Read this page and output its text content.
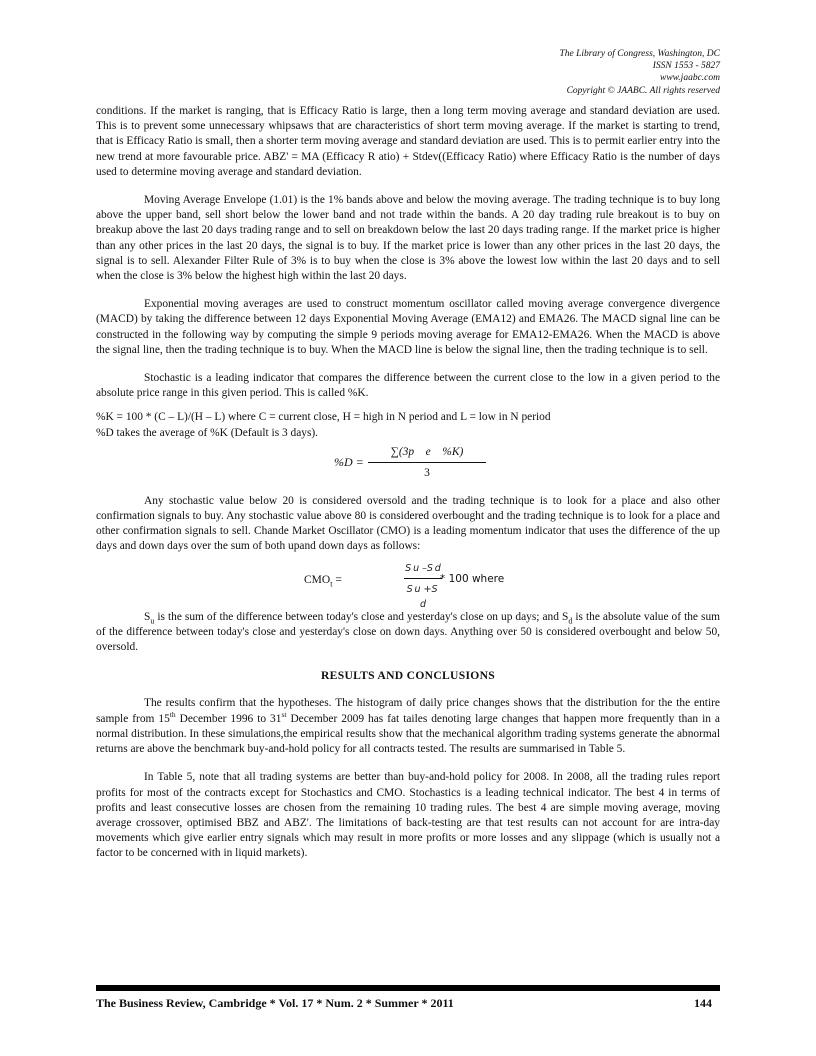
The Library of Congress, Washington, DC
ISSN 1553 - 5827
www.jaabc.com
Copyright © JAABC. All rights reserved

conditions. If the market is ranging, that is Efficacy Ratio is large, then a long term moving average and standard deviation are used. This is to prevent some unnecessary whipsaws that are characteristics of short term moving average. If the market is starting to trend, that is Efficacy Ratio is small, then a shorter term moving average and standard deviation are used. This is to permit earlier entry into the new trend at more favourable price. ABZ' = MA (Efficacy R atio) + Stdev((Efficacy Ratio) where Efficacy Ratio is the number of days used to determine moving average and standard deviation.

Moving Average Envelope (1.01) is the 1% bands above and below the moving average. The trading technique is to buy long above the upper band, sell short below the lower band and not trade within the bands. A 20 day trading rule breakout is to buy on breakup above the last 20 days trading range and to sell on breakdown below the last 20 days trading range. If the market price is higher than any other prices in the last 20 days, the signal is to buy. If the market price is lower than any other prices in the last 20 days, the signal is to sell. Alexander Filter Rule of 3% is to buy when the close is 3% above the lowest low within the last 20 days and to sell when the close is 3% below the highest high within the last 20 days.

Exponential moving averages are used to construct momentum oscillator called moving average convergence divergence (MACD) by taking the difference between 12 days Exponential Moving Average (EMA12) and EMA26. The MACD signal line can be constructed in the following way by computing the simple 9 periods moving average for EMA12-EMA26. When the MACD is above the signal line, then the trading technique is to buy. When the MACD line is below the signal line, then the trading technique is to sell.

Stochastic is a leading indicator that compares the difference between the current close to the low in a given period to the absolute price range in this given period. This is called %K.

%K = 100 * (C – L)/(H – L) where C = current close, H = high in N period and L = low in N period

%D takes the average of %K (Default is 3 days).

$\%D = \frac{\text{∑(3p    e    \%K)}}{3}$

Any stochastic value below 20 is considered oversold and the trading technique is to look for a place and also other confirmation signals to buy. Any stochastic value above 80 is considered overbought and the trading technique is to look for a place and other confirmation signals to sell. Chande Market Oscillator (CMO) is a leading momentum indicator that uses the difference of the up days and down days over the sum of both upand down days as follows:

$CMO_t$ =	$\frac{\text{S u –S d}}{\text{S u +S d}}$
* 100 where

$S_u$ is the sum of the difference between today's close and yesterday's close on up days; and $S_d$ is the absolute value of the sum of the difference between today's close and yesterday's close on down days. Anything over 50 is considered overbought and below 50, oversold.

RESULTS AND CONCLUSIONS

The results confirm that the hypotheses. The histogram of daily price changes shows that the distribution for the the entire sample from 15th December 1996 to 31st December 2009 has fat tailes denoting large changes that happen more frequently than in a normal distribution. In these simulations,the empirical results show that the mechanical algorithm trading systems generate the abnormal returns are above the benchmark buy-and-hold policy for all contracts tested. The results are summarised in Table 5.

In Table 5, note that all trading systems are better than buy-and-hold policy for 2008. In 2008, all the trading rules report profits for most of the contracts except for Stochastics and CMO. Stochastics is a leading technical indicator. The best 4 in terms of profits and least consecutive losses are chosen from the remaining 10 trading rules. The best 4 are simple moving average, moving average crossover, optimised BBZ and ABZ'. The limitations of back-testing are that test results can not account for are intra-day movements which give earlier entry signals which may result in more profits or more losses and any slippage (which is usually not a factor to be concerned with in liquid markets).

The Business Review, Cambridge * Vol. 17 * Num. 2 * Summer * 2011	144
